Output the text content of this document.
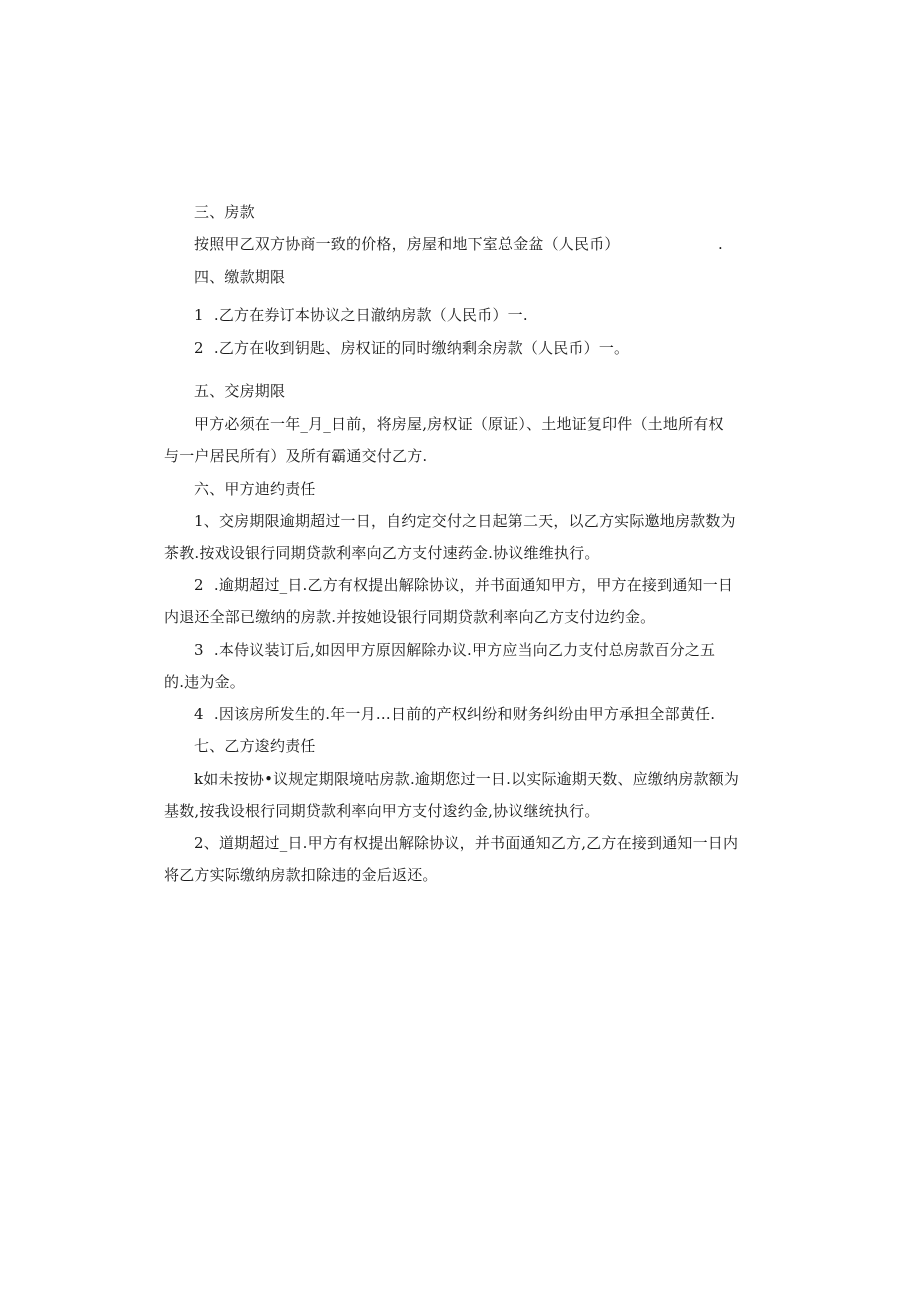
三、房款
按照甲乙双方协商一致的价格，房屋和地下室总金盆（人民币）	.
四、缴款期限
1	.乙方在券订本协议之日澈纳房款（人民币）一.
2	.乙方在收到钥匙、房权证的同时缴纳剩余房款（人民币）一。
五、交房期限
甲方必须在一年_月_日前，将房屋,房权证（原证）、土地证复印件（土地所有权
与一户居民所有）及所有霸通交付乙方.
六、甲方迪约责任
1、交房期限逾期超过一日，自约定交付之日起第二天，以乙方实际邀地房款数为
茶教.按戏设银行同期贷款利率向乙方支付速药金.协议维维执行。
2	.逾期超过_日.乙方有权提出解除协议，并书面通知甲方，甲方在接到通知一日
内退还全部已缴纳的房款.并按她设银行同期贷款利率向乙方支付边约金。
3	.本侍议装订后,如因甲方原因解除办议.甲方应当向乙力支付总房款百分之五
的.违为金。
4	.因该房所发生的.年一月…日前的产权纠纷和财务纠纷由甲方承担全部黄任.
七、乙方逡约责任
k如未按协•议规定期限境咕房款.逾期您过一日.以实际逾期天数、应缴纳房款额为
基数,按我设根行同期贷款利率向甲方支付逡约金,协议继统执行。
2、道期超过_日.甲方有权提出解除协议，并书面通知乙方,乙方在接到通知一日内
将乙方实际缴纳房款扣除违的金后返还。
